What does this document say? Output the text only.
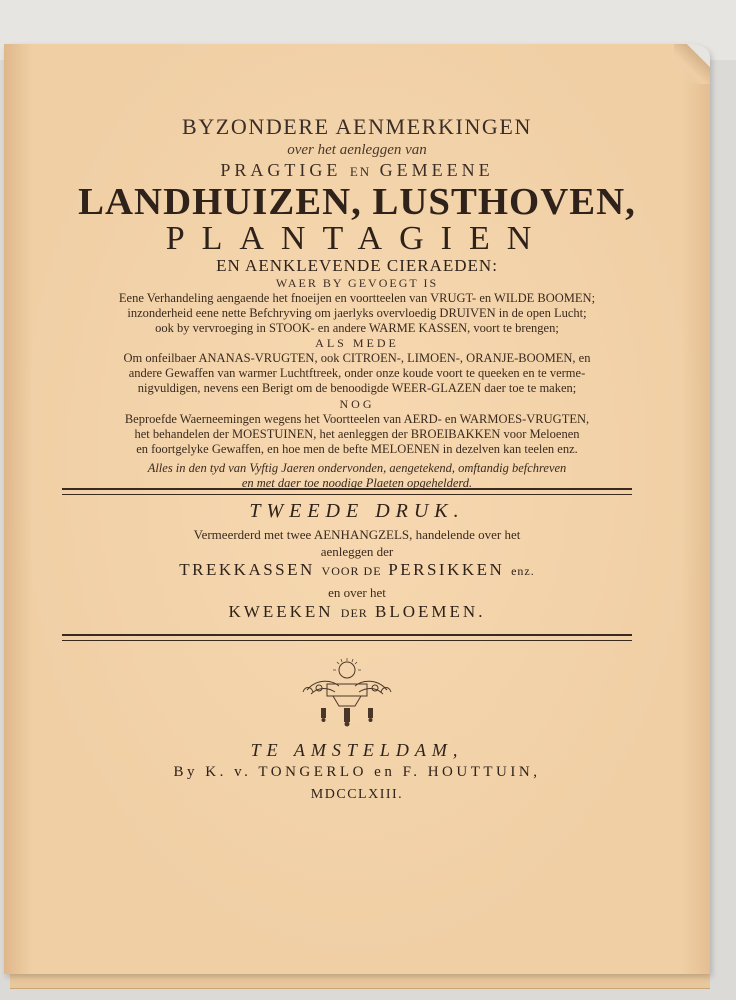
BYZONDERE AENMERKINGEN
over het aenleggen van
PRAGTIGE EN GEMEENE
LANDHUIZEN, LUSTHOVEN,
PLANTAGIEN
EN AENKLEVENDE CIERAEDEN:
WAER BY GEVOEGT IS
Eene Verhandeling aengaende het fnoeijen en voortteelen van VRUGT- en WILDE BOOMEN;
inzonderheid eene nette Befchryving om jaerlyks overvloedig DRUIVEN in de open Lucht;
ook by vervroeging in STOOK- en andere WARME KASSEN, voort te brengen;
ALS MEDE
Om onfeilbaer ANANAS-VRUGTEN, ook CITROEN-, LIMOEN-, ORANJE-BOOMEN, en
andere Gewaffen van warmer Luchtftreek, onder onze koude voort te queeken en te verme-
nigvuldigen, nevens een Berigt om de benoodigde WEER-GLAZEN daer toe te maken;
NOG
Beproefde Waerneemingen wegens het Voortteelen van AERD- en WARMOES-VRUGTEN,
het behandelen der MOESTUINEN, het aenleggen der BROEIBAKKEN voor Meloenen
en foortgelyke Gewaffen, en hoe men de befte MELOENEN in dezelven kan teelen enz.
Alles in den tyd van Vyftig Jaeren ondervonden, aengetekend, omftandig befchreven
en met daer toe noodige Plaeten opgehelderd.
TWEEDE DRUK.
Vermeerderd met twee AENHANGZELS, handelende over het
aenleggen der
TREKKASSEN VOOR DE PERSIKKEN enz.
en over het
KWEEKEN DER BLOEMEN.
TE AMSTELDAM,
By K. v. TONGERLO en F. HOUTTUIN,
MDCCLXIII.
